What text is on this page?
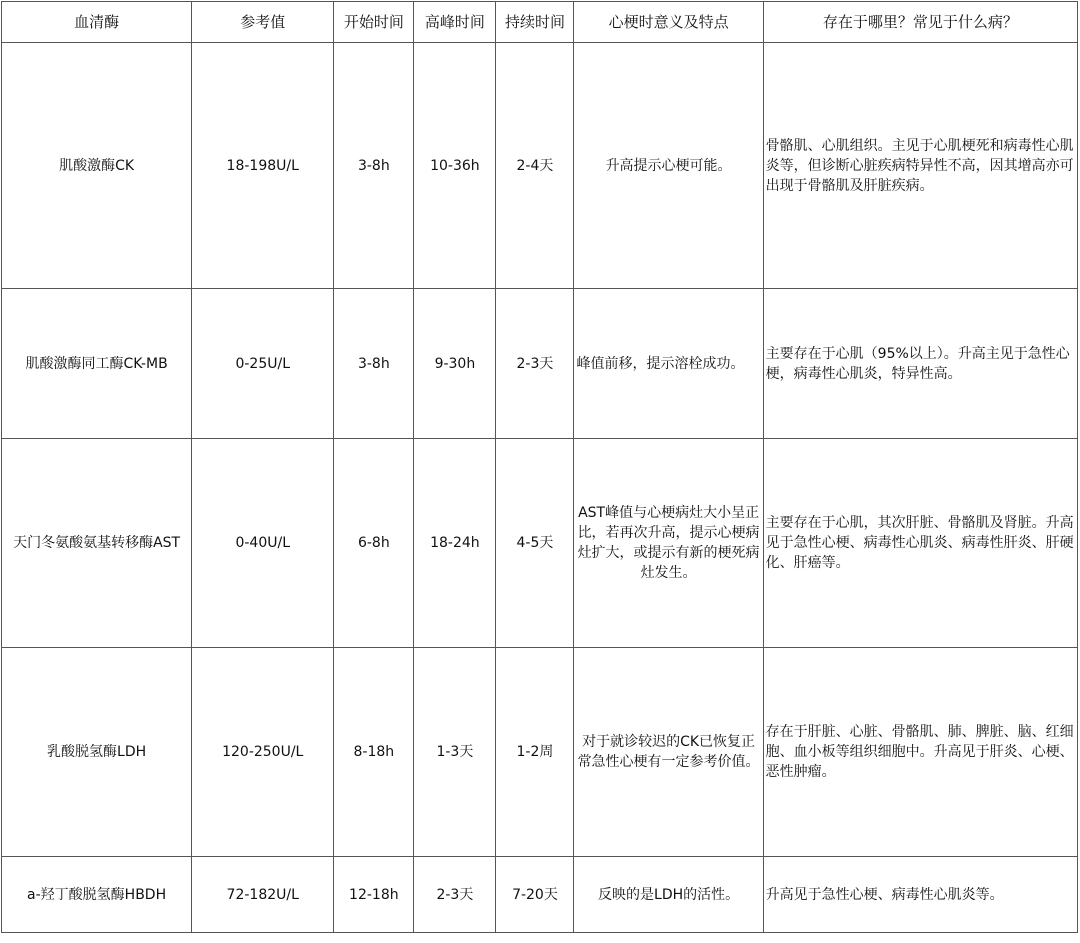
血清酶	参考值	开始时间	高峰时间	持续时间	心梗时意义及特点	存在于哪里？常见于什么病？
肌酸激酶CK	18-198U/L	3-8h	10-36h	2-4天	升高提示心梗可能。	骨骼肌、心肌组织。主见于心肌梗死和病毒性心肌炎等，但诊断心脏疾病特异性不高，因其增高亦可出现于骨骼肌及肝脏疾病。
肌酸激酶同工酶CK-MB	0-25U/L	3-8h	9-30h	2-3天	峰值前移，提示溶栓成功。	主要存在于心肌（95%以上）。升高主见于急性心梗，病毒性心肌炎，特异性高。
天门冬氨酸氨基转移酶AST	0-40U/L	6-8h	18-24h	4-5天	AST峰值与心梗病灶大小呈正比，若再次升高，提示心梗病灶扩大，或提示有新的梗死病灶发生。	主要存在于心肌，其次肝脏、骨骼肌及肾脏。升高见于急性心梗、病毒性心肌炎、病毒性肝炎、肝硬化、肝癌等。
乳酸脱氢酶LDH	120-250U/L	8-18h	1-3天	1-2周	对于就诊较迟的CK已恢复正常急性心梗有一定参考价值。	存在于肝脏、心脏、骨骼肌、肺、脾脏、脑、红细胞、血小板等组织细胞中。升高见于肝炎、心梗、恶性肿瘤。
a-羟丁酸脱氢酶HBDH	72-182U/L	12-18h	2-3天	7-20天	反映的是LDH的活性。	升高见于急性心梗、病毒性心肌炎等。
